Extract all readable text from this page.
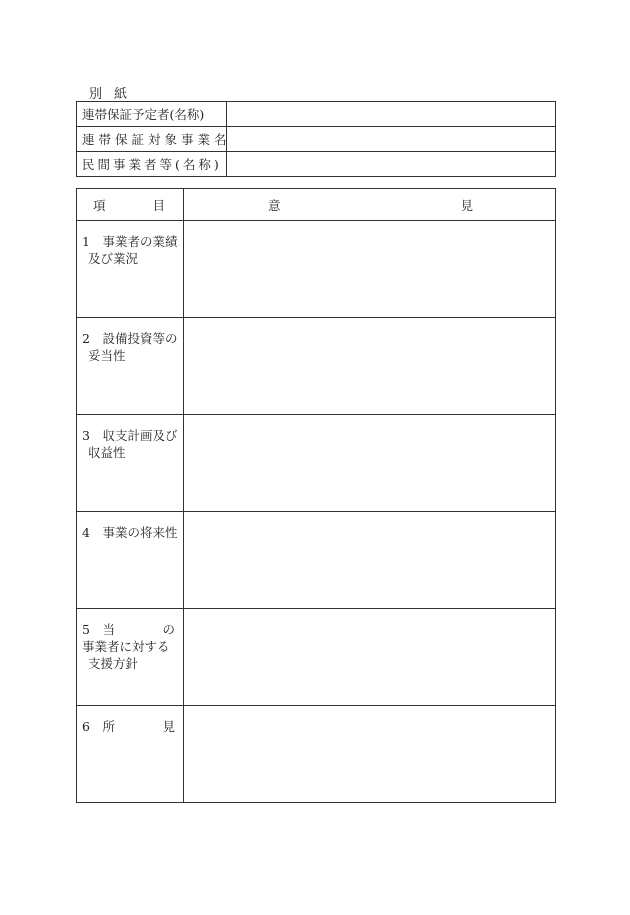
別紙
連帯保証予定者(名称)	
連帯保証対象事業名	
民間事業者等(名称)	
項 目	意 見

1　事業者の業績
及び業況	

2　設備投資等の
妥当性	

3　収支計画及び
収益性	

4　事業の将来性	

5　当 の
事業者に対する
支援方針	

6　所 見	
